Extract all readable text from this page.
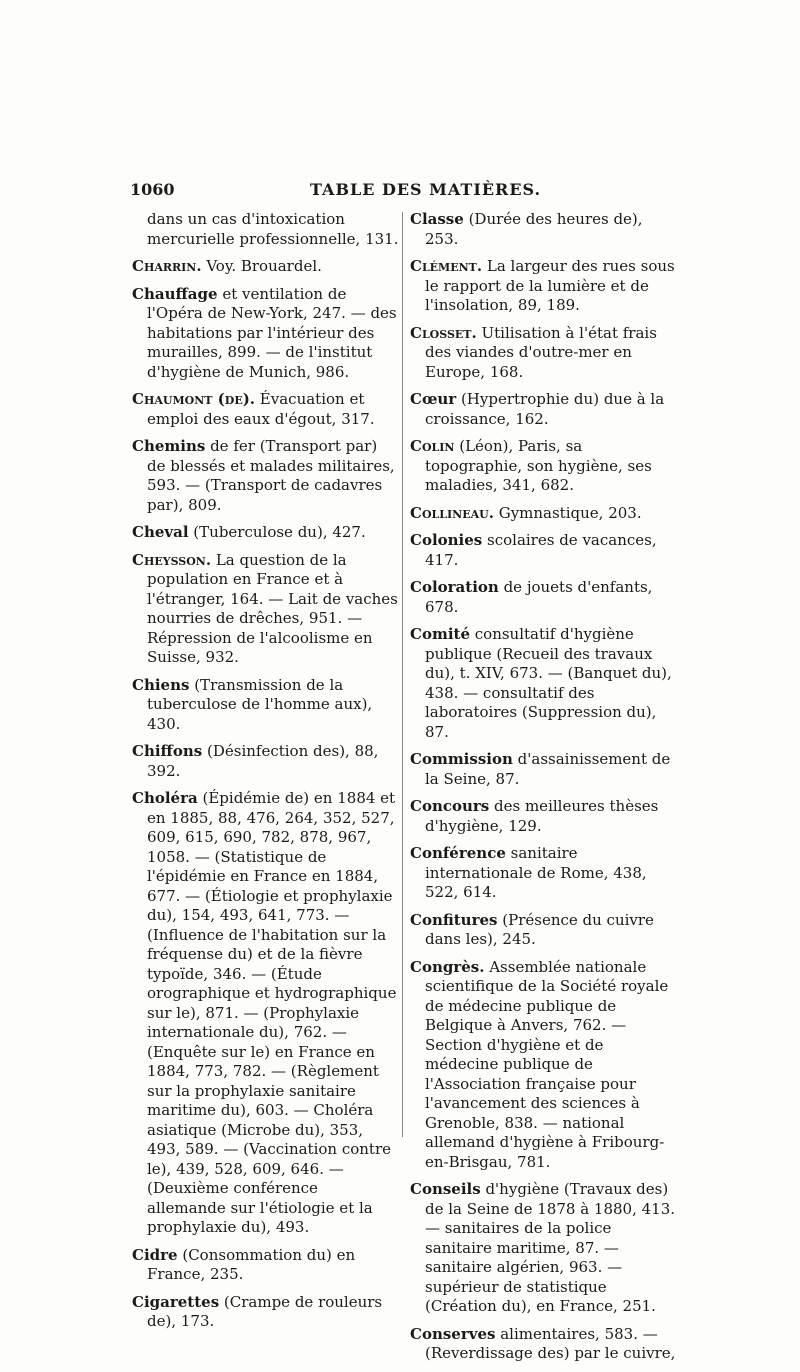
1060	TABLE DES MATIÈRES.

dans un cas d'intoxication mercurielle professionnelle, 131.

Charrin. Voy. Brouardel.

Chauffage et ventilation de l'Opéra de New-York, 247. — des habitations par l'intérieur des murailles, 899. — de l'institut d'hygiène de Munich, 986.

Chaumont (de). Évacuation et emploi des eaux d'égout, 317.

Chemins de fer (Transport par) de blessés et malades militaires, 593. — (Transport de cadavres par), 809.

Cheval (Tuberculose du), 427.

Cheysson. La question de la population en France et à l'étranger, 164. — Lait de vaches nourries de drêches, 951. — Répression de l'alcoolisme en Suisse, 932.

Chiens (Transmission de la tuberculose de l'homme aux), 430.

Chiffons (Désinfection des), 88, 392.

Choléra (Épidémie de) en 1884 et en 1885, 88, 476, 264, 352, 527, 609, 615, 690, 782, 878, 967, 1058. — (Statistique de l'épidémie en France en 1884, 677. — (Étiologie et prophylaxie du), 154, 493, 641, 773. — (Influence de l'habitation sur la fréquense du) et de la fièvre typoïde, 346. — (Étude orographique et hydrographique sur le), 871. — (Prophylaxie internationale du), 762. — (Enquête sur le) en France en 1884, 773, 782. — (Règlement sur la prophylaxie sanitaire maritime du), 603. — Choléra asiatique (Microbe du), 353, 493, 589. — (Vaccination contre le), 439, 528, 609, 646. — (Deuxième conférence allemande sur l'étiologie et la prophylaxie du), 493.

Cidre (Consommation du) en France, 235.

Cigarettes (Crampe de rouleurs de), 173.

Classe (Durée des heures de), 253.

Clément. La largeur des rues sous le rapport de la lumière et de l'insolation, 89, 189.

Closset. Utilisation à l'état frais des viandes d'outre-mer en Europe, 168.

Cœur (Hypertrophie du) due à la croissance, 162.

Colin (Léon), Paris, sa topographie, son hygiène, ses maladies, 341, 682.

Collineau. Gymnastique, 203.

Colonies scolaires de vacances, 417.

Coloration de jouets d'enfants, 678.

Comité consultatif d'hygiène publique (Recueil des travaux du), t. XIV, 673. — (Banquet du), 438. — consultatif des laboratoires (Suppression du), 87.

Commission d'assainissement de la Seine, 87.

Concours des meilleures thèses d'hygiène, 129.

Conférence sanitaire internationale de Rome, 438, 522, 614.

Confitures (Présence du cuivre dans les), 245.

Congrès. Assemblée nationale scientifique de la Société royale de médecine publique de Belgique à Anvers, 762. — Section d'hygiène et de médecine publique de l'Association française pour l'avancement des sciences à Grenoble, 838. — national allemand d'hygiène à Fribourg-en-Brisgau, 781.

Conseils d'hygiène (Travaux des) de la Seine de 1878 à 1880, 413. — sanitaires de la police sanitaire maritime, 87. — sanitaire algérien, 963. — supérieur de statistique (Création du), en France, 251.

Conserves alimentaires, 583. — (Reverdissage des) par le cuivre,
